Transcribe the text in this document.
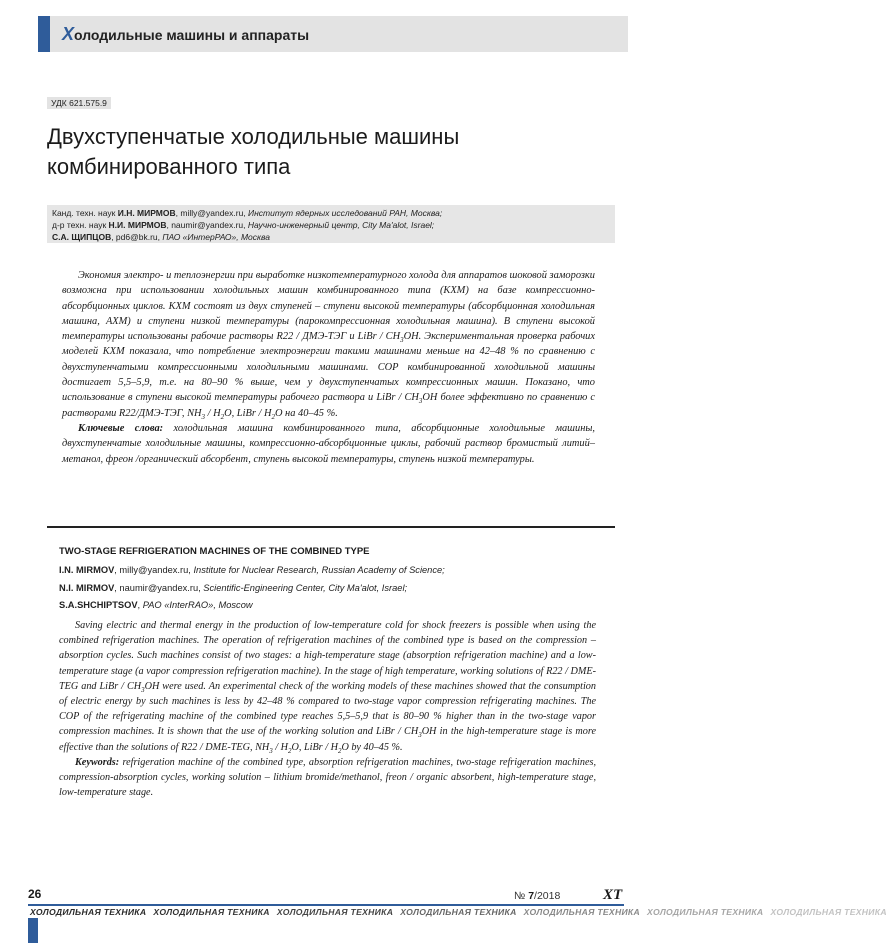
Холодильные машины и аппараты
УДК 621.575.9
Двухступенчатые холодильные машины
комбинированного типа
Канд. техн. наук И.Н. МИРМОВ, milly@yandex.ru, Институт ядерных исследований РАН, Москва;
д-р техн. наук Н.И. МИРМОВ, naumir@yandex.ru, Научно-инженерный центр, City Ma'alot, Israel;
С.А. ЩИПЦОВ, pd6@bk.ru, ПАО «ИнтерРАО», Москва

Экономия электро- и теплоэнергии при выработке низкотемпературного холода для аппаратов шоковой заморозки возможна при использовании холодильных машин комбинированного типа (КХМ) на базе компрессионно-абсорбционных циклов. КХМ состоят из двух ступеней – ступени высокой температуры (абсорбционная холодильная машина, АХМ) и ступени низкой температуры (парокомпрессионная холодильная машина). В ступени высокой температуры использованы рабочие растворы R22 / ДМЭ-ТЭГ и LiBr / $CH_3OH$. Экспериментальная проверка рабочих моделей КХМ показала, что потребление электроэнергии такими машинами меньше на 42–48 % по сравнению с двухступенчатыми компрессионными холодильными машинами. COP комбинированной холодильной машины достигает 5,5–5,9, т.е. на 80–90 % выше, чем у двухступенчатых компрессионных машин. Показано, что использование в ступени высокой температуры рабочего раствора и LiBr / $CH_3OH$ более эффективно по сравнению с растворами R22/ДМЭ-ТЭГ, $NH_3 / H_2O$, LiBr / $H_2O$ на 40–45 %.

Ключевые слова: холодильная машина комбинированного типа, абсорбционные холодильные машины, двухступенчатые холодильные машины, компрессионно-абсорбционные циклы, рабочий раствор бромистый литий–метанол, фреон /органический абсорбент, ступень высокой температуры, ступень низкой температуры.

TWO-STAGE REFRIGERATION MACHINES OF THE COMBINED TYPE
I.N. MIRMOV, milly@yandex.ru, Institute for Nuclear Research, Russian Academy of Science;
N.I. MIRMOV, naumir@yandex.ru, Scientific-Engineering Center, City Ma'alot, Israel;
S.A.SHCHIPTSOV, PAO «InterRAO», Moscow

Saving electric and thermal energy in the production of low-temperature cold for shock freezers is possible when using the combined refrigeration machines. The operation of refrigeration machines of the combined type is based on the compression – absorption cycles. Such machines consist of two stages: a high-temperature stage (absorption refrigeration machine) and a low-temperature stage (a vapor compression refrigeration machine). In the stage of high temperature, working solutions of R22 / DME-TEG and LiBr / $CH_3OH$ were used. An experimental check of the working models of these machines showed that the consumption of electric energy by such machines is less by 42–48 % compared to two-stage vapor compression refrigerating machines. The COP of the refrigerating machine of the combined type reaches 5,5–5,9 that is 80–90 % higher than in the two-stage vapor compression machines. It is shown that the use of the working solution and LiBr / $CH_3OH$ in the high-temperature stage is more effective than the solutions of R22 / DME-TEG, $NH_3 / H_2O$, LiBr / $H_2O$ by 40–45 %.

Keywords: refrigeration machine of the combined type, absorption refrigeration machines, two-stage refrigeration machines, compression-absorption cycles, working solution – lithium bromide/methanol, freon / organic absorbent, high-temperature stage, low-temperature stage.

26	№ 7/2018	ХТ
ХОЛОДИЛЬНАЯ ТЕХНИКА ХОЛОДИЛЬНАЯ ТЕХНИКА ХОЛОДИЛЬНАЯ ТЕХНИКА ХОЛОДИЛЬНАЯ ТЕХНИКА ХОЛОДИЛЬНАЯ ТЕХНИКА ХОЛОДИЛЬНАЯ ТЕХНИКА ХОЛОДИЛЬНАЯ ТЕХНИКА
